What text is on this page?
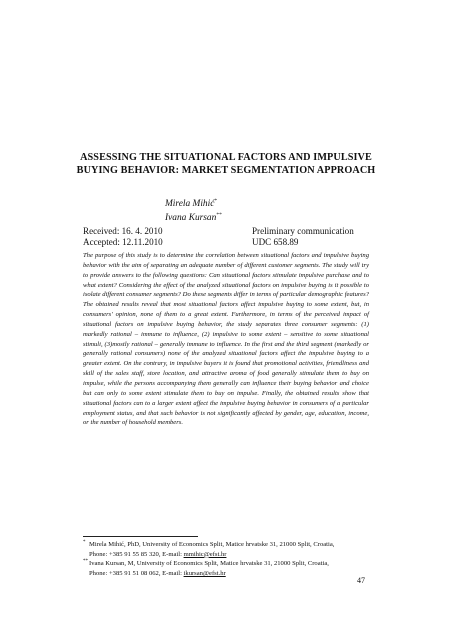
ASSESSING THE SITUATIONAL FACTORS AND IMPULSIVE
BUYING BEHAVIOR: MARKET SEGMENTATION APPROACH
Mirela Mihić*
Ivana Kursan**
Received: 16. 4. 2010
Accepted: 12.11.2010
Preliminary communication
UDC 658.89
The purpose of this study is to determine the correlation between situational factors and impulsive buying behavior with the aim of separating an adequate number of different customer segments. The study will try to provide answers to the following questions: Can situational factors stimulate impulsive purchase and to what extent? Considering the effect of the analyzed situational factors on impulsive buying is it possible to isolate different consumer segments? Do these segments differ in terms of particular demographic features? The obtained results reveal that most situational factors affect impulsive buying to some extent, but, in consumers' opinion, none of them to a great extent. Furthermore, in terms of the perceived impact of situational factors on impulsive buying behavior, the study separates three consumer segments: (1) markedly rational – immune to influence, (2) impulsive to some extent – sensitive to some situational stimuli, (3)mostly rational – generally immune to influence. In the first and the third segment (markedly or generally rational consumers) none of the analyzed situational factors affect the impulsive buying to a greater extent. On the contrary, in impulsive buyers it is found that promotional activities, friendliness and skill of the sales staff, store location, and attractive aroma of food generally stimulate them to buy on impulse, while the persons accompanying them generally can influence their buying behavior and choice but can only to some extent stimulate them to buy on impulse. Finally, the obtained results show that situational factors can to a larger extent affect the impulsive buying behavior in consumers of a particular employment status, and that such behavior is not significantly affected by gender, age, education, income, or the number of household members.
* Mirela Mihić, PhD, University of Economics Split, Matice hrvatske 31, 21000 Split, Croatia,
Phone: +385 91 55 85 320, E-mail: mmihic@efst.hr
** Ivana Kursan, M, University of Economics Split, Matice hrvatske 31, 21000 Split, Croatia,
Phone: +385 91 51 08 062, E-mail: ikursan@efst.hr
47
